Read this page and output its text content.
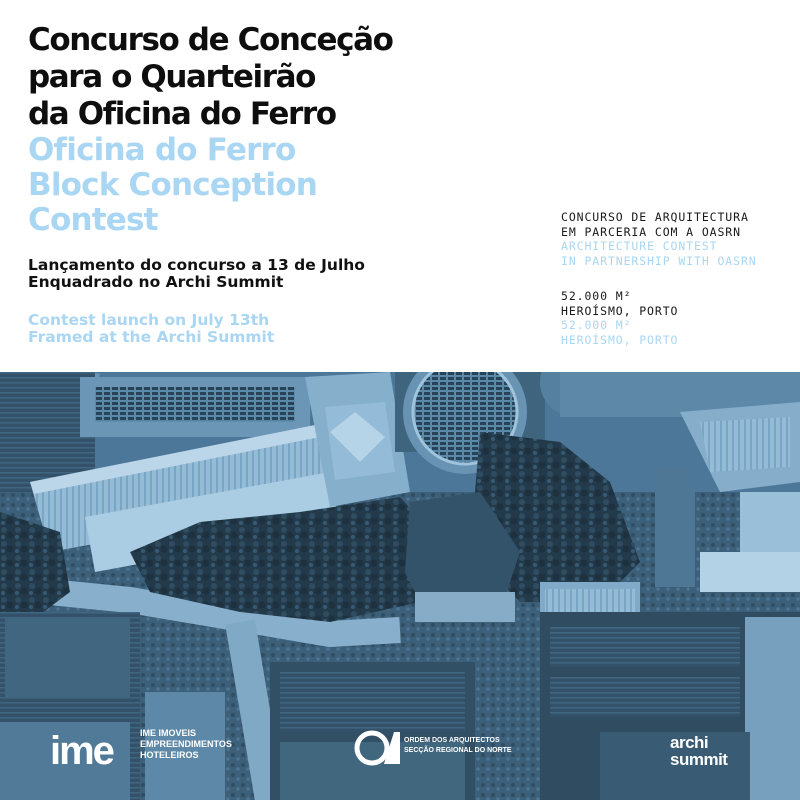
Concurso de Conceção
para o Quarteirão
da Oficina do Ferro
Oficina do Ferro
Block Conception
Contest

Lançamento do concurso a 13 de Julho
Enquadrado no Archi Summit

Contest launch on July 13th
Framed at the Archi Summit

CONCURSO DE ARQUITECTURA
EM PARCERIA COM A OASRN
ARCHITECTURE CONTEST
IN PARTNERSHIP WITH OASRN
52.000 M²
HEROÍSMO, PORTO
52.000 M²
HEROÍSMO, PORTO
ime	IME IMOVEIS
EMPREENDIMENTOS
HOTELEIROS
ORDEM DOS ARQUITECTOS
SECÇÃO REGIONAL DO NORTE	archi
summit
